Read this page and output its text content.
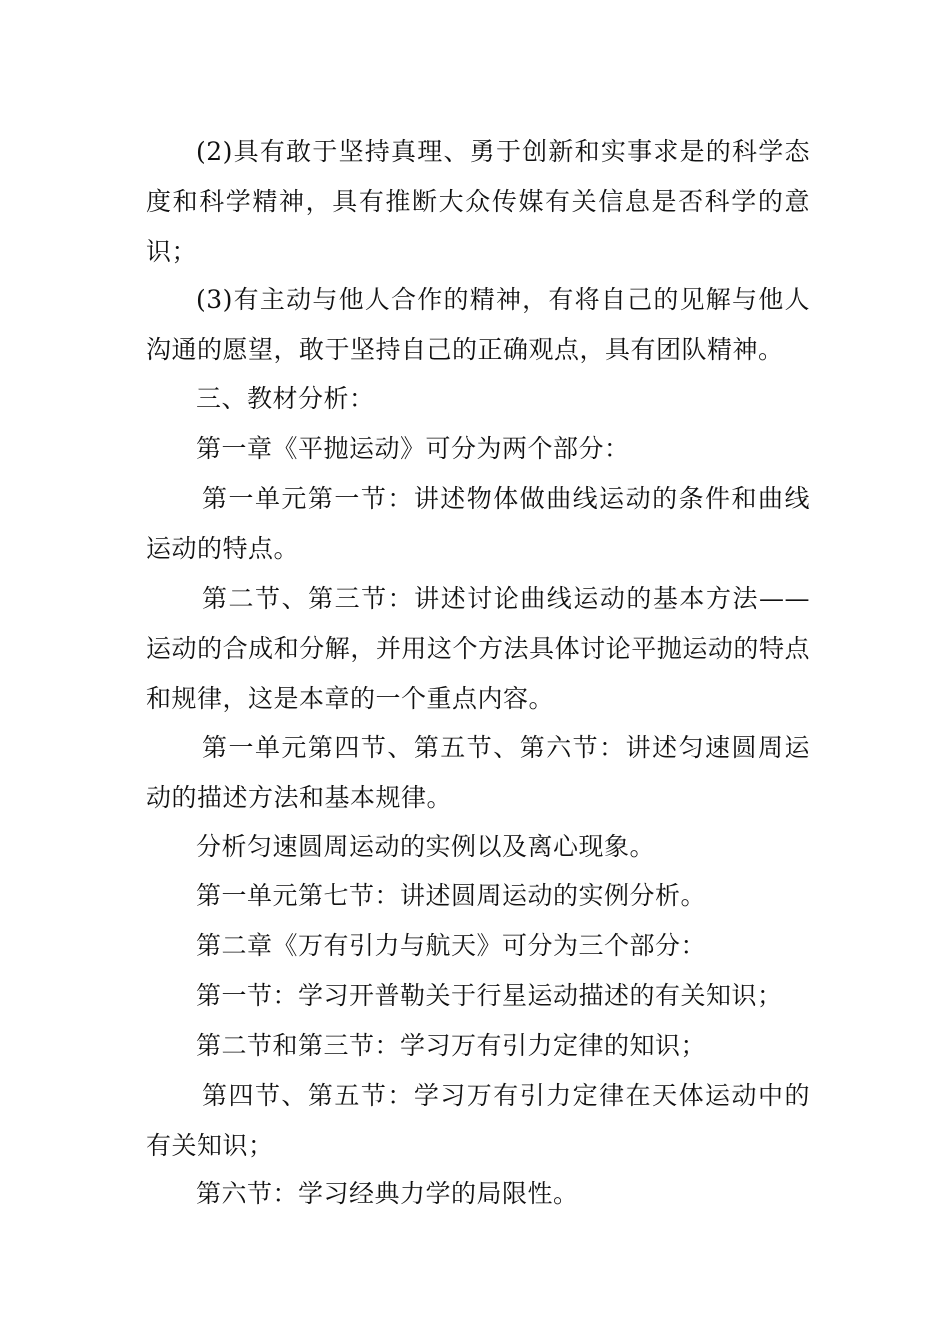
(2)具有敢于坚持真理、勇于创新和实事求是的科学态度和科学精神，具有推断大众传媒有关信息是否科学的意识；

(3)有主动与他人合作的精神，有将自己的见解与他人沟通的愿望，敢于坚持自己的正确观点，具有团队精神。

三、教材分析：

第一章《平抛运动》可分为两个部分：

第一单元第一节：讲述物体做曲线运动的条件和曲线运动的特点。

第二节、第三节：讲述讨论曲线运动的基本方法——运动的合成和分解，并用这个方法具体讨论平抛运动的特点和规律，这是本章的一个重点内容。

第一单元第四节、第五节、第六节：讲述匀速圆周运动的描述方法和基本规律。

分析匀速圆周运动的实例以及离心现象。

第一单元第七节：讲述圆周运动的实例分析。

第二章《万有引力与航天》可分为三个部分：

第一节：学习开普勒关于行星运动描述的有关知识；

第二节和第三节：学习万有引力定律的知识；

第四节、第五节：学习万有引力定律在天体运动中的有关知识；

第六节：学习经典力学的局限性。
